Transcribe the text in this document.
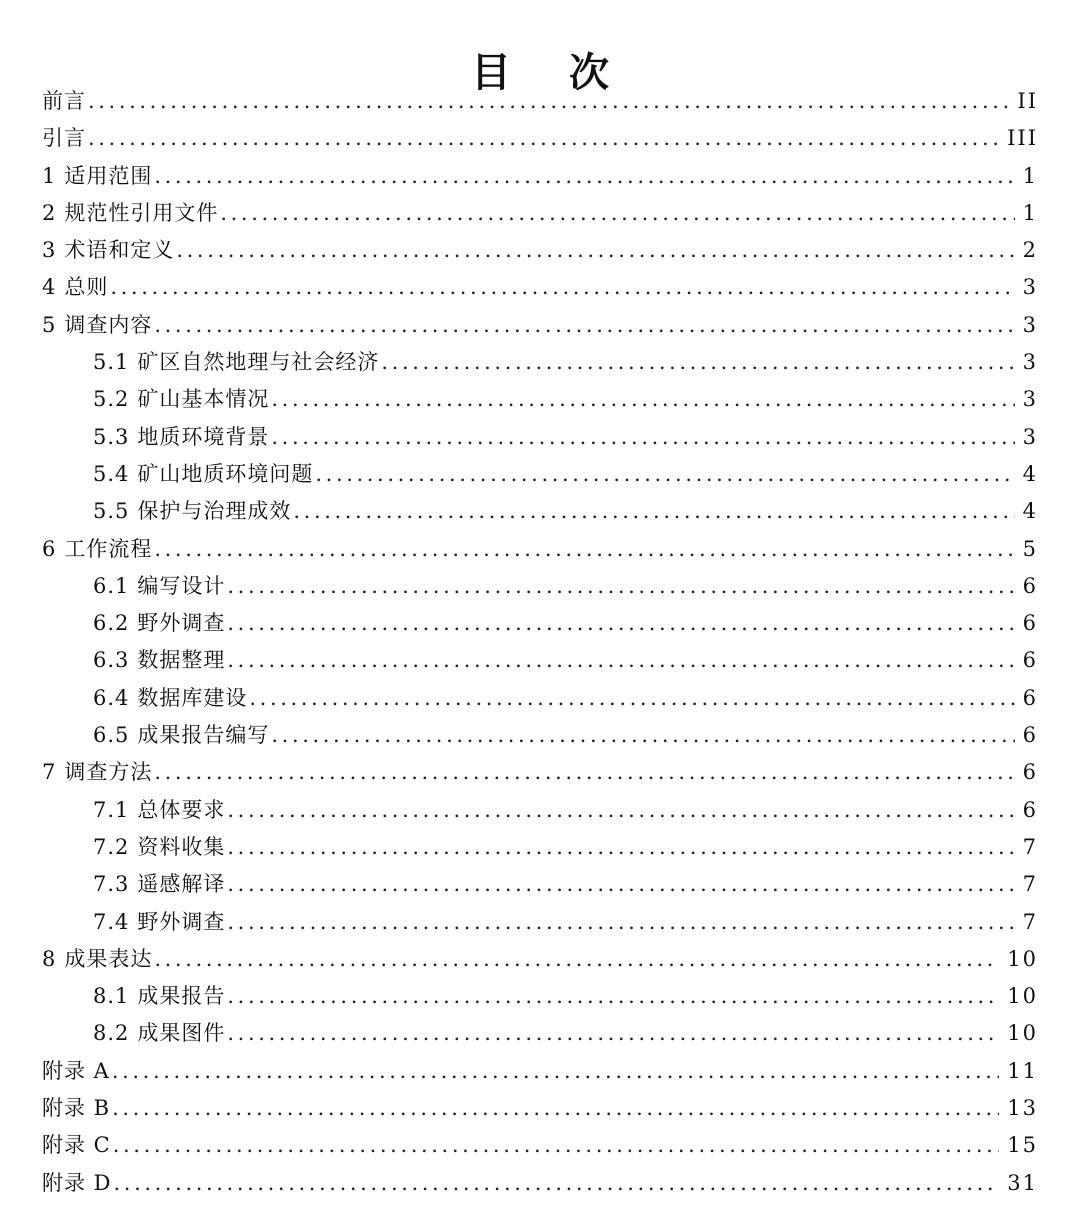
目 次
前言 .....	II
引言 .....	III
1 适用范围 .....	1
2 规范性引用文件 .....	1
3 术语和定义 .....	2
4 总则 .....	3
5 调查内容 .....	3
5.1 矿区自然地理与社会经济 .....	3
5.2 矿山基本情况 .....	3
5.3 地质环境背景 .....	3
5.4 矿山地质环境问题 .....	4
5.5 保护与治理成效 .....	4
6 工作流程 .....	5
6.1 编写设计 .....	6
6.2 野外调查 .....	6
6.3 数据整理 .....	6
6.4 数据库建设 .....	6
6.5 成果报告编写 .....	6
7 调查方法 .....	6
7.1 总体要求 .....	6
7.2 资料收集 .....	7
7.3 遥感解译 .....	7
7.4 野外调查 .....	7
8 成果表达 .....	10
8.1 成果报告 .....	10
8.2 成果图件 .....	10
附录 A .....	11
附录 B .....	13
附录 C .....	15
附录 D .....	31
